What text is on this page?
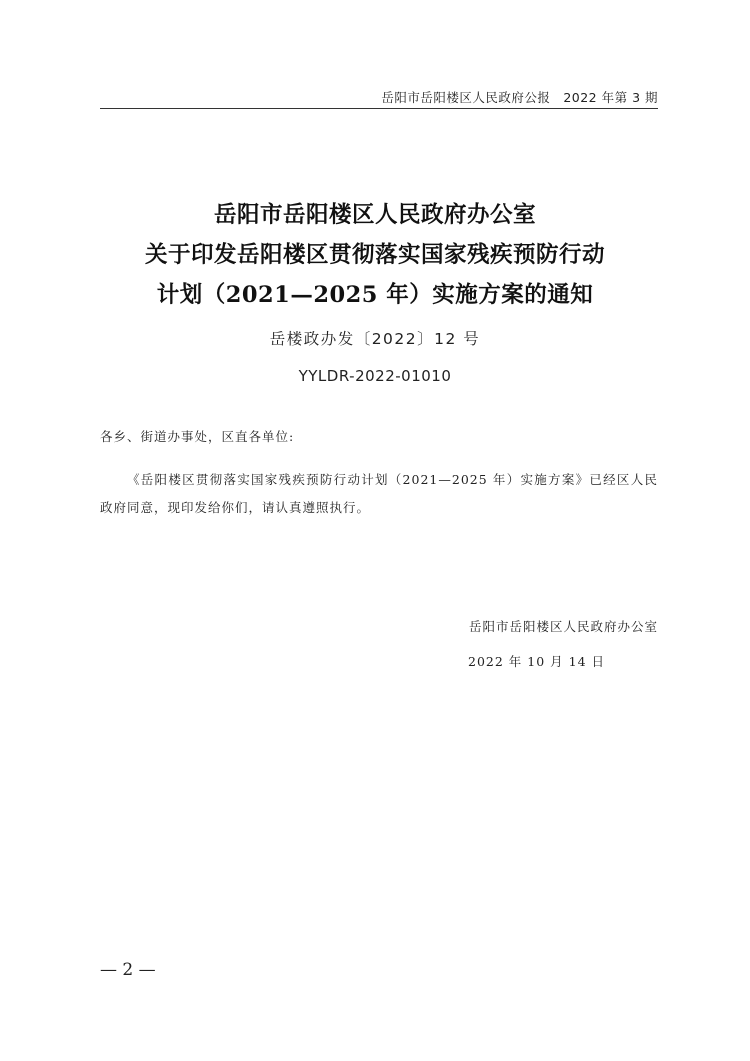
岳阳市岳阳楼区人民政府公报　2022 年第 3 期
岳阳市岳阳楼区人民政府办公室
关于印发岳阳楼区贯彻落实国家残疾预防行动
计划（2021—2025 年）实施方案的通知
岳楼政办发〔2022〕12 号
YYLDR-2022-01010
各乡、街道办事处，区直各单位:
《岳阳楼区贯彻落实国家残疾预防行动计划（2021—2025 年）实施方案》已经区人民政府同意，现印发给你们，请认真遵照执行。
岳阳市岳阳楼区人民政府办公室
2022 年 10 月 14 日
— 2 —
